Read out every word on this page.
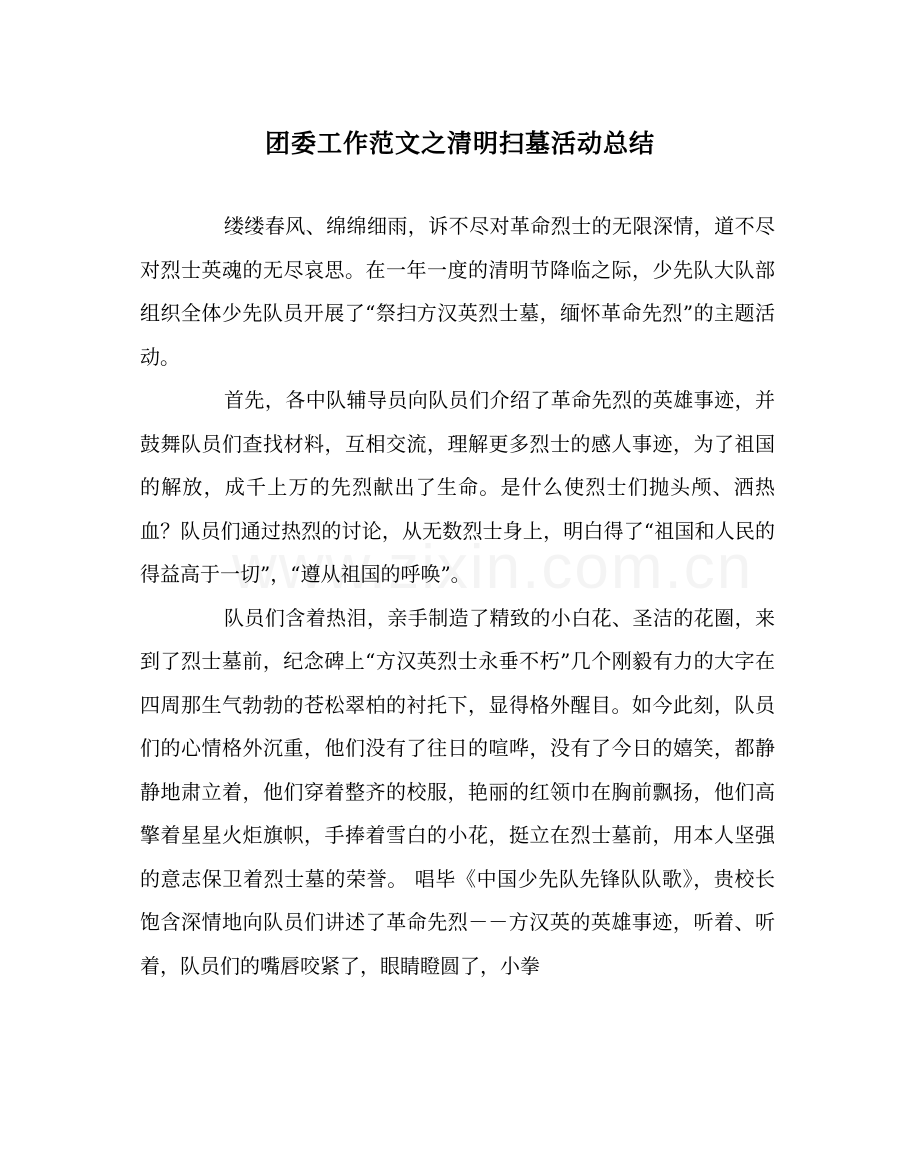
团委工作范文之清明扫墓活动总结

缕缕春风、绵绵细雨，诉不尽对革命烈士的无限深情，道不尽对烈士英魂的无尽哀思。在一年一度的清明节降临之际，少先队大队部组织全体少先队员开展了“祭扫方汉英烈士墓，缅怀革命先烈”的主题活动。

首先，各中队辅导员向队员们介绍了革命先烈的英雄事迹，并鼓舞队员们查找材料，互相交流，理解更多烈士的感人事迹，为了祖国的解放，成千上万的先烈献出了生命。是什么使烈士们抛头颅、洒热血？队员们通过热烈的讨论，从无数烈士身上，明白得了“祖国和人民的得益高于一切”，“遵从祖国的呼唤”。

队员们含着热泪，亲手制造了精致的小白花、圣洁的花圈，来到了烈士墓前，纪念碑上“方汉英烈士永垂不朽”几个刚毅有力的大字在四周那生气勃勃的苍松翠柏的衬托下，显得格外醒目。如今此刻，队员们的心情格外沉重，他们没有了往日的喧哗，没有了今日的嬉笑，都静静地肃立着，他们穿着整齐的校服，艳丽的红领巾在胸前飘扬，他们高擎着星星火炬旗帜，手捧着雪白的小花，挺立在烈士墓前，用本人坚强的意志保卫着烈士墓的荣誉。 唱毕《中国少先队先锋队队歌》，贵校长饱含深情地向队员们讲述了革命先烈－－方汉英的英雄事迹，听着、听着，队员们的嘴唇咬紧了，眼睛瞪圆了，小拳
